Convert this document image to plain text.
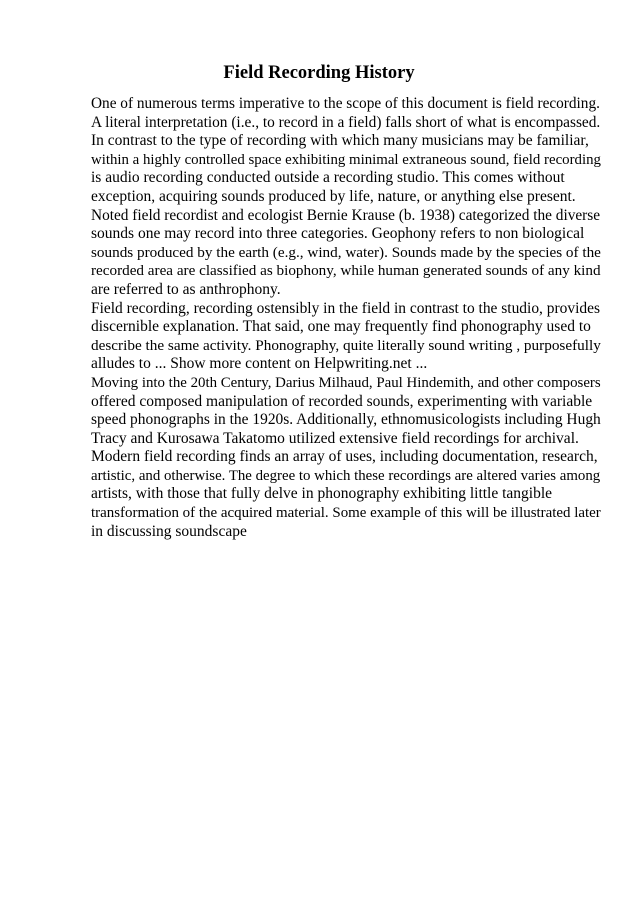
Field Recording History
One of numerous terms imperative to the scope of this document is field recording.
A literal interpretation (i.e., to record in a field) falls short of what is encompassed.
In contrast to the type of recording with which many musicians may be familiar,
within a highly controlled space exhibiting minimal extraneous sound, field recording
is audio recording conducted outside a recording studio. This comes without
exception, acquiring sounds produced by life, nature, or anything else present.
Noted field recordist and ecologist Bernie Krause (b. 1938) categorized the diverse
sounds one may record into three categories. Geophony refers to non biological
sounds produced by the earth (e.g., wind, water). Sounds made by the species of the
recorded area are classified as biophony, while human generated sounds of any kind
are referred to as anthrophony.
Field recording, recording ostensibly in the field in contrast to the studio, provides
discernible explanation. That said, one may frequently find phonography used to
describe the same activity. Phonography, quite literally sound writing , purposefully
alludes to ... Show more content on Helpwriting.net ...
Moving into the 20th Century, Darius Milhaud, Paul Hindemith, and other composers
offered composed manipulation of recorded sounds, experimenting with variable
speed phonographs in the 1920s. Additionally, ethnomusicologists including Hugh
Tracy and Kurosawa Takatomo utilized extensive field recordings for archival.
Modern field recording finds an array of uses, including documentation, research,
artistic, and otherwise. The degree to which these recordings are altered varies among
artists, with those that fully delve in phonography exhibiting little tangible
transformation of the acquired material. Some example of this will be illustrated later
in discussing soundscape
